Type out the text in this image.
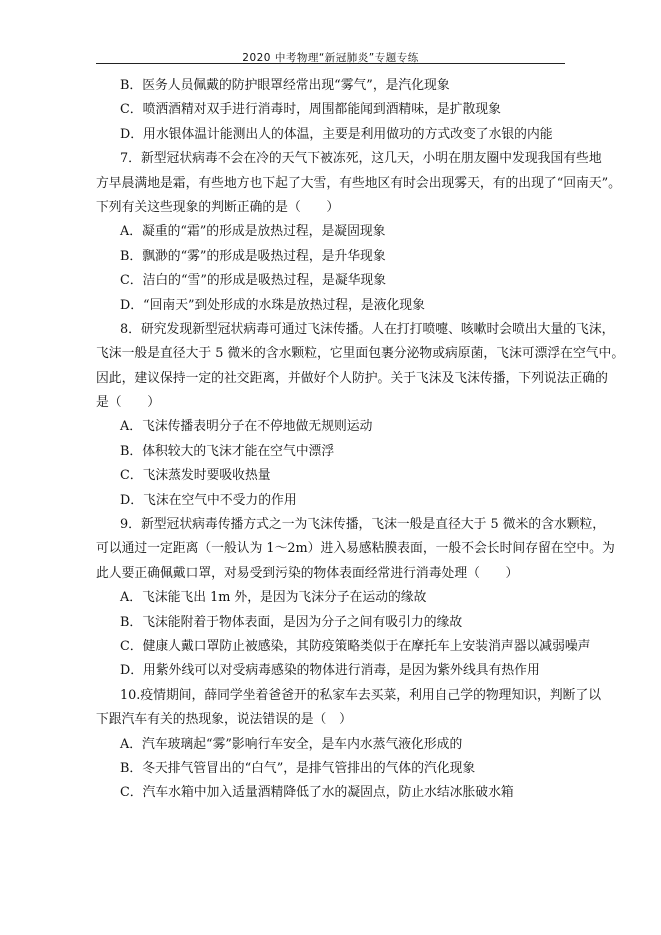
2020 中考物理“新冠肺炎”专题专练
B．医务人员佩戴的防护眼罩经常出现“雾气”，是汽化现象
C．喷洒酒精对双手进行消毒时，周围都能闻到酒精味，是扩散现象
D．用水银体温计能测出人的体温，主要是利用做功的方式改变了水银的内能
7．新型冠状病毒不会在冷的天气下被冻死，这几天，小明在朋友圈中发现我国有些地
方早晨满地是霜，有些地方也下起了大雪，有些地区有时会出现雾天，有的出现了“回南天”。
下列有关这些现象的判断正确的是（　　）
A．凝重的“霜”的形成是放热过程，是凝固现象
B．飘渺的“雾”的形成是吸热过程，是升华现象
C．洁白的“雪”的形成是吸热过程，是凝华现象
D．“回南天”到处形成的水珠是放热过程，是液化现象
8．研究发现新型冠状病毒可通过飞沫传播。人在打打喷嚏、咳嗽时会喷出大量的飞沫，
飞沫一般是直径大于 5 微米的含水颗粒，它里面包裹分泌物或病原菌，飞沫可漂浮在空气中。
因此，建议保持一定的社交距离，并做好个人防护。关于飞沫及飞沫传播，下列说法正确的
是（　　）
A．飞沫传播表明分子在不停地做无规则运动
B．体积较大的飞沫才能在空气中漂浮
C．飞沫蒸发时要吸收热量
D．飞沫在空气中不受力的作用
9．新型冠状病毒传播方式之一为飞沫传播，飞沫一般是直径大于 5 微米的含水颗粒，
可以通过一定距离（一般认为 1～2m）进入易感粘膜表面，一般不会长时间存留在空中。为
此人要正确佩戴口罩，对易受到污染的物体表面经常进行消毒处理（　　）
A．飞沫能飞出 1m 外，是因为飞沫分子在运动的缘故
B．飞沫能附着于物体表面，是因为分子之间有吸引力的缘故
C．健康人戴口罩防止被感染，其防疫策略类似于在摩托车上安装消声器以减弱噪声
D．用紫外线可以对受病毒感染的物体进行消毒，是因为紫外线具有热作用
10.疫情期间，薛同学坐着爸爸开的私家车去买菜，利用自己学的物理知识，判断了以
下跟汽车有关的热现象，说法错误的是（　）
A．汽车玻璃起“雾”影响行车安全，是车内水蒸气液化形成的
B．冬天排气管冒出的“白气”，是排气管排出的气体的汽化现象
C．汽车水箱中加入适量酒精降低了水的凝固点，防止水结冰胀破水箱
